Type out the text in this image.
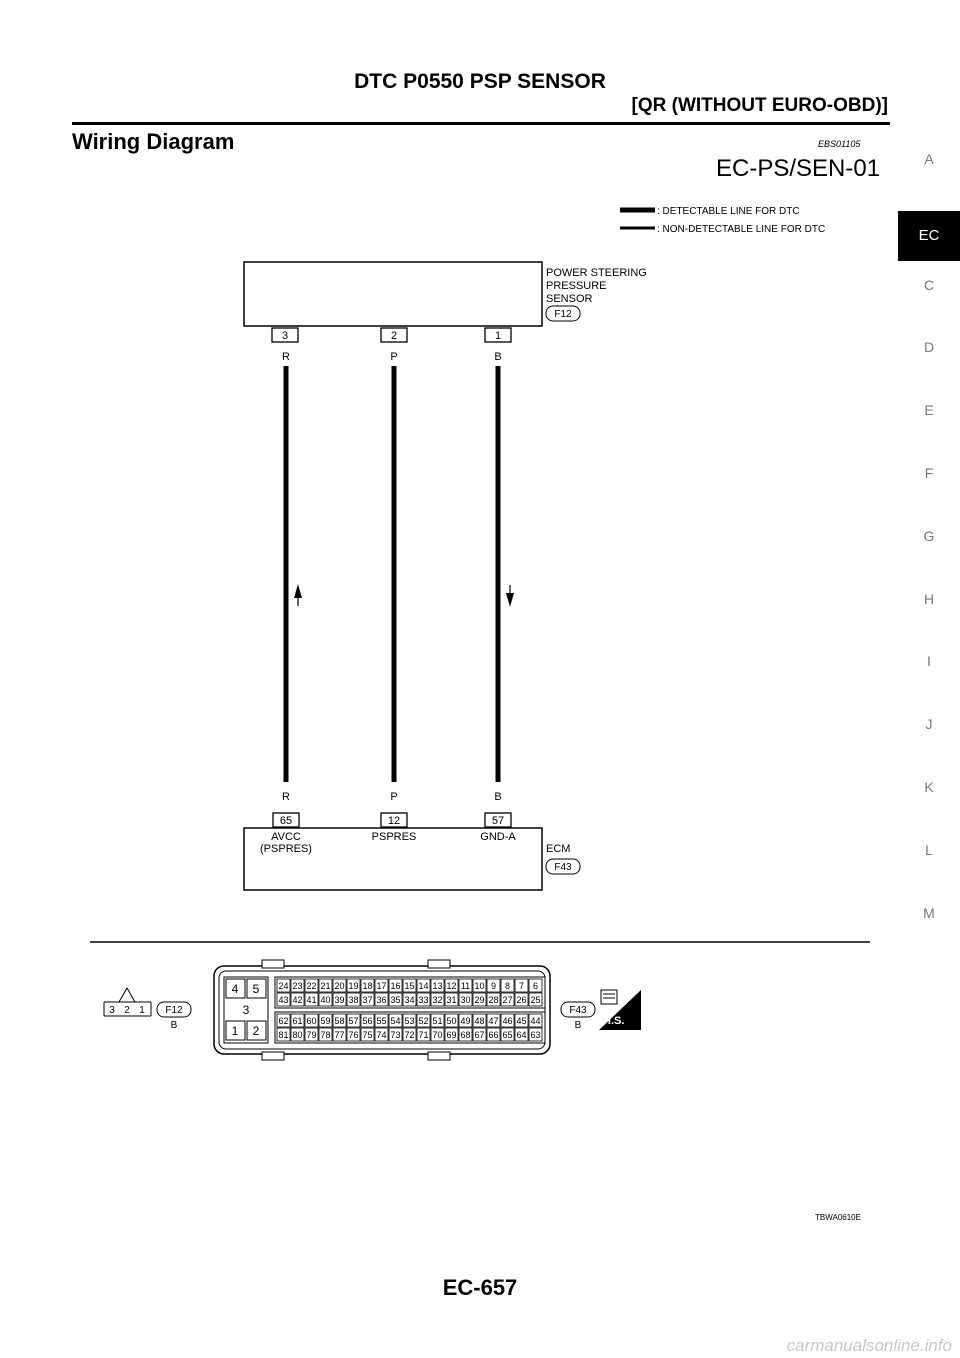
DTC P0550 PSP SENSOR
[QR (WITHOUT EURO-OBD)]
Wiring Diagram	EBS01105
EC-PS/SEN-01	A
EC
C
D
E
F
G
H
I
J
K
L
M
: DETECTABLE LINE FOR DTC
: NON-DETECTABLE LINE FOR DTC
POWER STEERING
PRESSURE
SENSOR
F12
3	2	1
R	P	B
R	P	B
65	12	57
AVCC
(PSPRES)
PSPRES	GND-A
ECM
F43
3 2 1 F12
B
4 5
3
1 2
24 23 22 21 20 19 18 17 16 15 14 13 12 11 10 9 8 7 6
43 42 41 40 39 38 37 36 35 34 33 32 31 30 29 28 27 26 25
62 61 60 59 58 57 56 55 54 53 52 51 50 49 48 47 46 45 44
81 80 79 78 77 76 75 74 73 72 71 70 69 68 67 66 65 64 63
F43
B H.S.
TBWA0610E
EC-657
carmanualsonline.info
